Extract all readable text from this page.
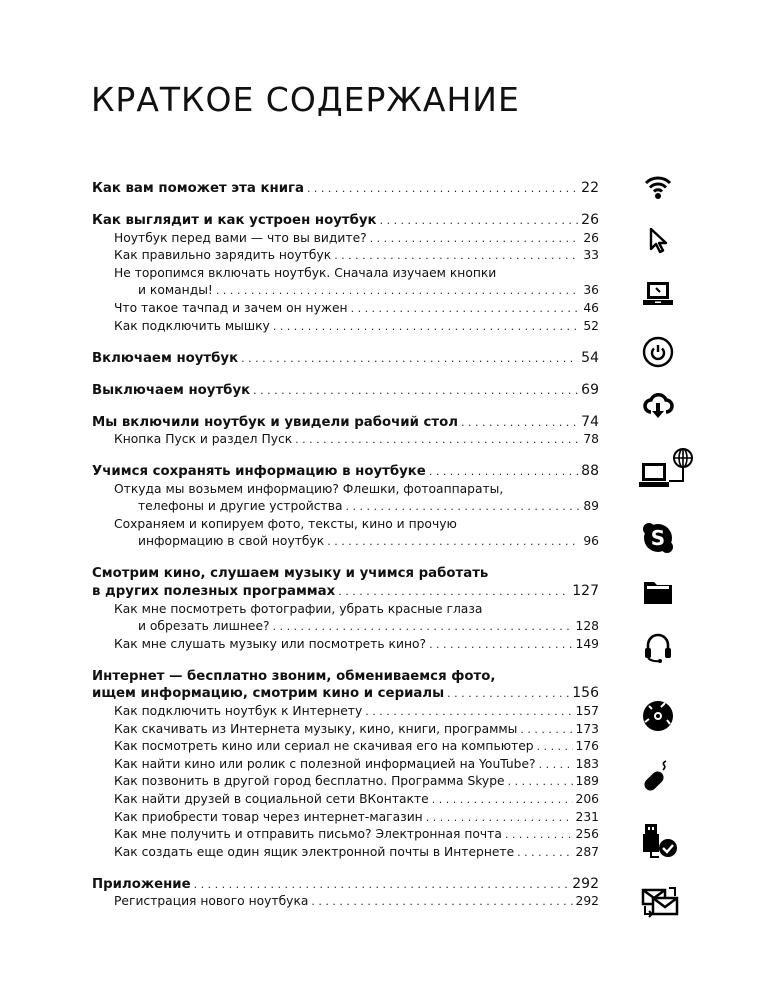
КРАТКОЕ СОДЕРЖАНИЕ
Как вам поможет эта книга . . .	22
Как выглядит и как устроен ноутбук . . .	26
Ноутбук перед вами — что вы видите? . . .	26
Как правильно зарядить ноутбук . . .	33
Не торопимся включать ноутбук. Сначала изучаем кнопки
и команды! . . .	36
Что такое тачпад и зачем он нужен . . .	46
Как подключить мышку . . .	52
Включаем ноутбук . . .	54
Выключаем ноутбук . . .	69
Мы включили ноутбук и увидели рабочий стол . . .	74
Кнопка Пуск и раздел Пуск . . .	78
Учимся сохранять информацию в ноутбуке . . .	88
Откуда мы возьмем информацию? Флешки, фотоаппараты,
телефоны и другие устройства . . .	89
Сохраняем и копируем фото, тексты, кино и прочую
информацию в свой ноутбук . . .	96
Смотрим кино, слушаем музыку и учимся работать
в других полезных программах . . .	127
Как мне посмотреть фотографии, убрать красные глаза
и обрезать лишнее? . . .	128
Как мне слушать музыку или посмотреть кино? . . .	149
Интернет — бесплатно звоним, обмениваемся фото,
ищем информацию, смотрим кино и сериалы . . .	156
Как подключить ноутбук к Интернету . . .	157
Как скачивать из Интернета музыку, кино, книги, программы . . .	173
Как посмотреть кино или сериал не скачивая его на компьютер . . .	176
Как найти кино или ролик с полезной информацией на YouTube? . . .	183
Как позвонить в другой город бесплатно. Программа Skype . . .	189
Как найти друзей в социальной сети ВКонтакте . . .	206
Как приобрести товар через интернет-магазин . . .	231
Как мне получить и отправить письмо? Электронная почта . . .	256
Как создать еще один ящик электронной почты в Интернете . . .	287
Приложение . . .	292
Регистрация нового ноутбука . . .	292
S
